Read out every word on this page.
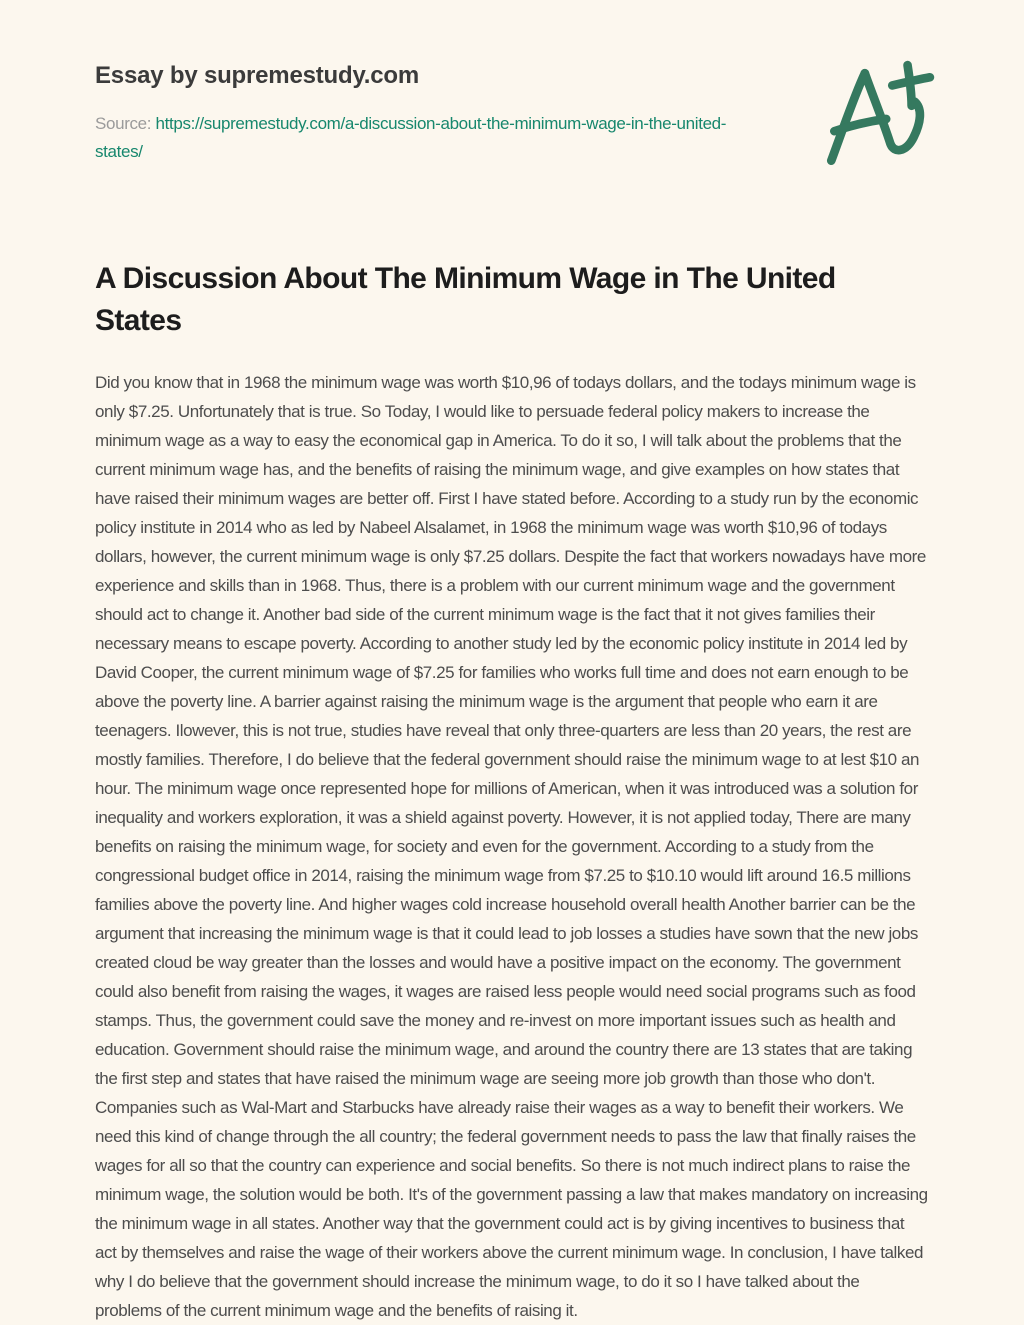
Essay by supremestudy.com

Source: https://supremestudy.com/a-discussion-about-the-minimum-wage-in-the-united-states/

A Discussion About The Minimum Wage in The United States

Did you know that in 1968 the minimum wage was worth $10,96 of todays dollars, and the todays minimum wage is only $7.25. Unfortunately that is true. So Today, I would like to persuade federal policy makers to increase the minimum wage as a way to easy the economical gap in America. To do it so, I will talk about the problems that the current minimum wage has, and the benefits of raising the minimum wage, and give examples on how states that have raised their minimum wages are better off. First I have stated before. According to a study run by the economic policy institute in 2014 who as led by Nabeel Alsalamet, in 1968 the minimum wage was worth $10,96 of todays dollars, however, the current minimum wage is only $7.25 dollars. Despite the fact that workers nowadays have more experience and skills than in 1968. Thus, there is a problem with our current minimum wage and the government should act to change it. Another bad side of the current minimum wage is the fact that it not gives families their necessary means to escape poverty. According to another study led by the economic policy institute in 2014 led by David Cooper, the current minimum wage of $7.25 for families who works full time and does not earn enough to be above the poverty line. A barrier against raising the minimum wage is the argument that people who earn it are teenagers. Ilowever, this is not true, studies have reveal that only three-quarters are less than 20 years, the rest are mostly families. Therefore, I do believe that the federal government should raise the minimum wage to at lest $10 an hour. The minimum wage once represented hope for millions of American, when it was introduced was a solution for inequality and workers exploration, it was a shield against poverty. However, it is not applied today, There are many benefits on raising the minimum wage, for society and even for the government. According to a study from the congressional budget office in 2014, raising the minimum wage from $7.25 to $10.10 would lift around 16.5 millions families above the poverty line. And higher wages cold increase household overall health Another barrier can be the argument that increasing the minimum wage is that it could lead to job losses a studies have sown that the new jobs created cloud be way greater than the losses and would have a positive impact on the economy. The government could also benefit from raising the wages, it wages are raised less people would need social programs such as food stamps. Thus, the government could save the money and re-invest on more important issues such as health and education. Government should raise the minimum wage, and around the country there are 13 states that are taking the first step and states that have raised the minimum wage are seeing more job growth than those who don't. Companies such as Wal-Mart and Starbucks have already raise their wages as a way to benefit their workers. We need this kind of change through the all country; the federal government needs to pass the law that finally raises the wages for all so that the country can experience and social benefits. So there is not much indirect plans to raise the minimum wage, the solution would be both. It's of the government passing a law that makes mandatory on increasing the minimum wage in all states. Another way that the government could act is by giving incentives to business that act by themselves and raise the wage of their workers above the current minimum wage. In conclusion, I have talked why I do believe that the government should increase the minimum wage, to do it so I have talked about the problems of the current minimum wage and the benefits of raising it.
